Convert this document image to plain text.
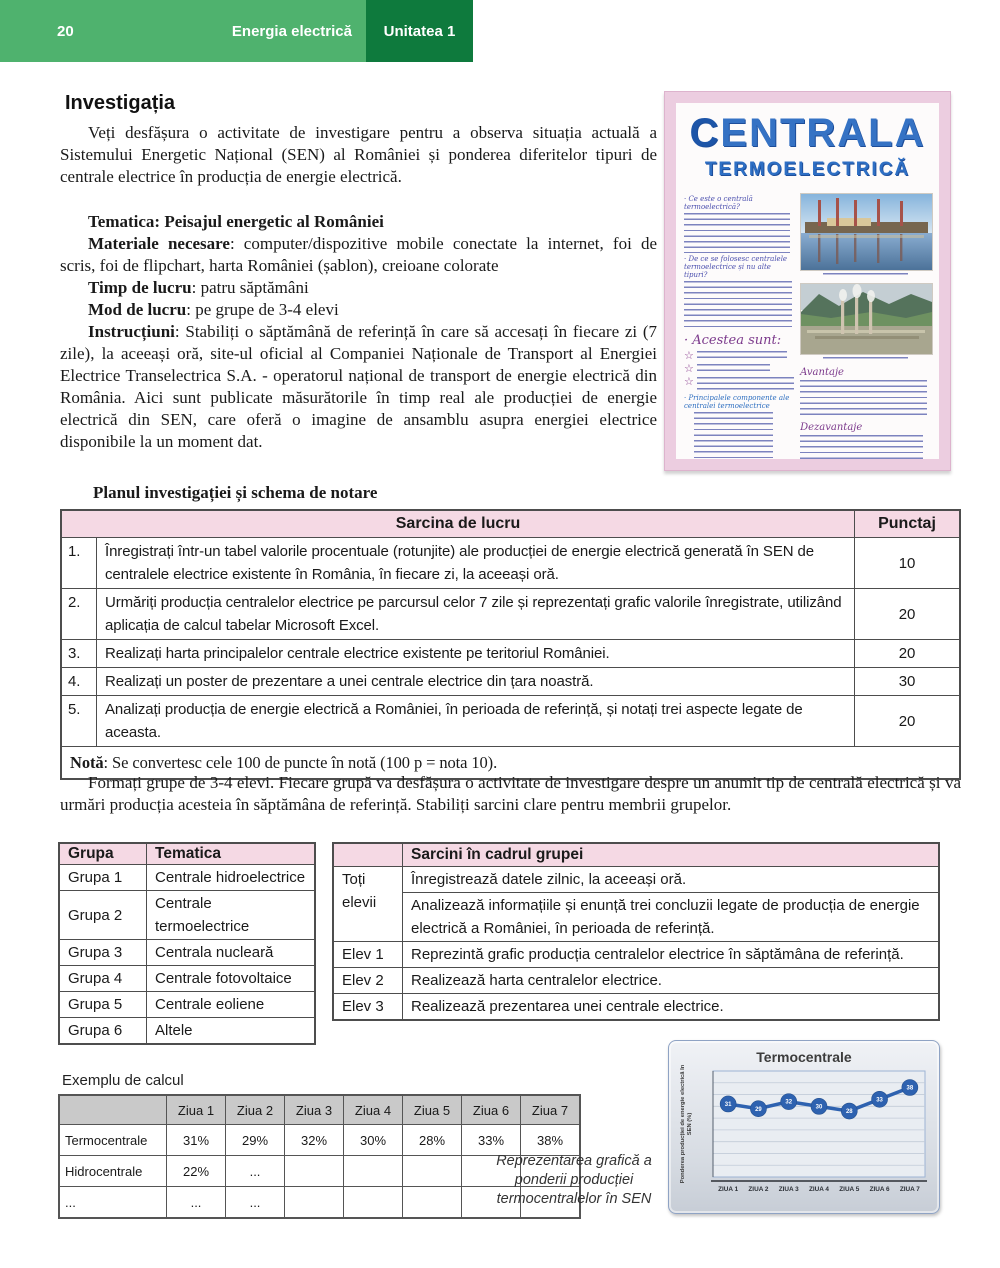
20	Energia electrică Unitatea 1
Investigația

Veți desfășura o activitate de investigare pentru a observa situația actuală a Sistemului Energetic Național (SEN) al României și ponderea diferitelor tipuri de centrale electrice în producția de energie electrică.

Tematica: Peisajul energetic al României

Materiale necesare: computer/dispozitive mobile conectate la internet, foi de scris, foi de flipchart, harta României (șablon), creioane colorate

Timp de lucru: patru săptămâni

Mod de lucru: pe grupe de 3-4 elevi

Instrucțiuni: Stabiliți o săptămână de referință în care să accesați în fiecare zi (7 zile), la aceeași oră, site-ul oficial al Companiei Naționale de Transport al Energiei Electrice Transelectrica S.A. - operatorul național de transport de energie electrică din România. Aici sunt publicate măsurătorile în timp real ale producției de energie electrică din SEN, care oferă o imagine de ansamblu asupra energiei electrice disponibile la un moment dat.

CENTRALA
TERMOELECTRICĂ
· Ce este o centrală termoelectrică?
· De ce se folosesc centralele termoelectrice și nu alte tipuri?
· Acestea sunt:
☆
☆
☆
· Principalele componente ale centralei termoelectrice
Avantaje
Dezavantaje
Planul investigației și schema de notare
Sarcina de lucru		Punctaj
1.	Înregistrați într-un tabel valorile procentuale (rotunjite) ale producției de energie electrică generată în SEN de centralele electrice existente în România, în fiecare zi, la aceeași oră.	10
2.	Urmăriți producția centralelor electrice pe parcursul celor 7 zile și reprezentați grafic valorile înregistrate, utilizând aplicația de calcul tabelar Microsoft Excel.	20
3.	Realizați harta principalelor centrale electrice existente pe teritoriul României.	20
4.	Realizați un poster de prezentare a unei centrale electrice din țara noastră.	30
5.	Analizați producția de energie electrică a României, în perioada de referință, și notați trei aspecte legate de aceasta.	20
Notă: Se convertesc cele 100 de puncte în notă (100 p = nota 10).		

Formați grupe de 3-4 elevi. Fiecare grupă va desfășura o activitate de investigare despre un anumit tip de centrală electrică și va urmări producția acesteia în săptămâna de referință. Stabiliți sarcini clare pentru membrii grupelor.

Grupa	Tematica
Grupa 1	Centrale hidroelectrice
Grupa 2	Centrale termoelectrice
Grupa 3	Centrala nucleară
Grupa 4	Centrale fotovoltaice
Grupa 5	Centrale eoliene
Grupa 6	Altele
	Sarcini în cadrul grupei
Toți elevii	Înregistrează datele zilnic, la aceeași oră.
	Analizează informațiile și enunță trei concluzii legate de producția de energie electrică a României, în perioada de referință.
Elev 1	Reprezintă grafic producția centralelor electrice în săptămâna de referință.
Elev 2	Realizează harta centralelor electrice.
Elev 3	Realizează prezentarea unei centrale electrice.
Exemplu de calcul
	Ziua 1	Ziua 2	Ziua 3	Ziua 4	Ziua 5	Ziua 6	Ziua 7
Termocentrale	31%	29%	32%	30%	28%	33%	38%
Hidrocentrale	22%	...					
...	...	...					
Reprezentarea grafică a ponderii producției termocentralelor în SEN
Termocentrale
31
ZIUA 1
29
ZIUA 2
32
ZIUA 3
30
ZIUA 4
28
ZIUA 5
33
ZIUA 6
38
ZIUA 7
Ponderea producției de energie electrică înSEN (%)
